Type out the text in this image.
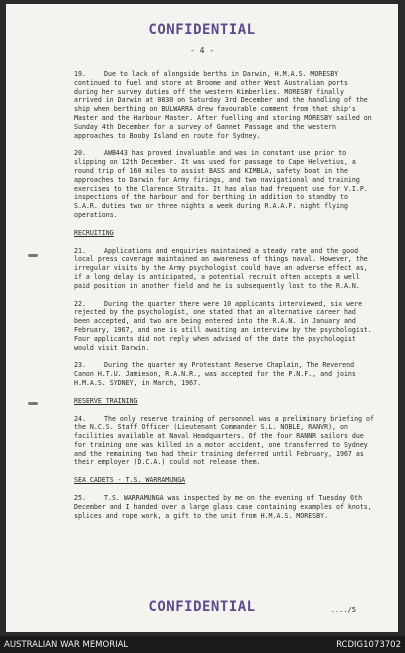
CONFIDENTIAL
- 4 -
19.	Due to lack of alongside berths in Darwin, H.M.A.S. MORESBY continued to fuel and store at Broome and other West Australian ports during her survey duties off the western Kimberlies. MORESBY finally arrived in Darwin at 0830 on Saturday 3rd December and the handling of the ship when berthing on BULWARRA drew favourable comment from that ship's Master and the Harbour Master. After fuelling and storing MORESBY sailed on Sunday 4th December for a survey of Gannet Passage and the western approaches to Booby Island en route for Sydney.
20.	AWB443 has proved invaluable and was in constant use prior to slipping on 12th December. It was used for passage to Cape Helvetius, a round trip of 160 miles to assist BASS and KIMBLA, safety boat in the approaches to Darwin for Army firings, and two navigational and training exercises to the Clarence Straits. It has also had frequent use for V.I.P. inspections of the harbour and for berthing in addition to standby to S.A.R. duties two or three nights a week during R.A.A.F. night flying operations.
RECRUITING
21.	Applications and enquiries maintained a steady rate and the good local press coverage maintained an awareness of things naval. However, the irregular visits by the Army psychologist could have an adverse effect as, if a long delay is anticipated, a potential recruit often accepts a well paid position in another field and he is subsequently lost to the R.A.N.
22.	During the quarter there were 10 applicants interviewed, six were rejected by the psychologist, one stated that an alternative career had been accepted, and two are being entered into the R.A.N. in January and February, 1967, and one is still awaiting an interview by the psychologist. Four applicants did not reply when advised of the date the psychologist would visit Darwin.
23.	During the quarter my Protestant Reserve Chaplain, The Reverend Canon H.T.U. Jamieson, R.A.N.R., was accepted for the P.N.F., and joins H.M.A.S. SYDNEY, in March, 1967.
RESERVE TRAINING
24.	The only reserve training of personnel was a preliminary briefing of the N.C.S. Staff Officer (Lieutenant Commander S.L. NOBLE, RANVR), on facilities available at Naval Headquarters. Of the four RANNR sailors due for training one was killed in a motor accident, one transferred to Sydney and the remaining two had their training deferred until February, 1967 as their employer (D.C.A.) could not release them.
SEA CADETS - T.S. WARRAMUNGA
25.	T.S. WARRAMUNGA was inspected by me on the evening of Tuesday 6th December and I handed over a large glass case containing examples of knots, splices and rope work, a gift to the unit from H.M.A.S. MORESBY.
CONFIDENTIAL	..../5
AUSTRALIAN WAR MEMORIAL	RCDIG1073702
